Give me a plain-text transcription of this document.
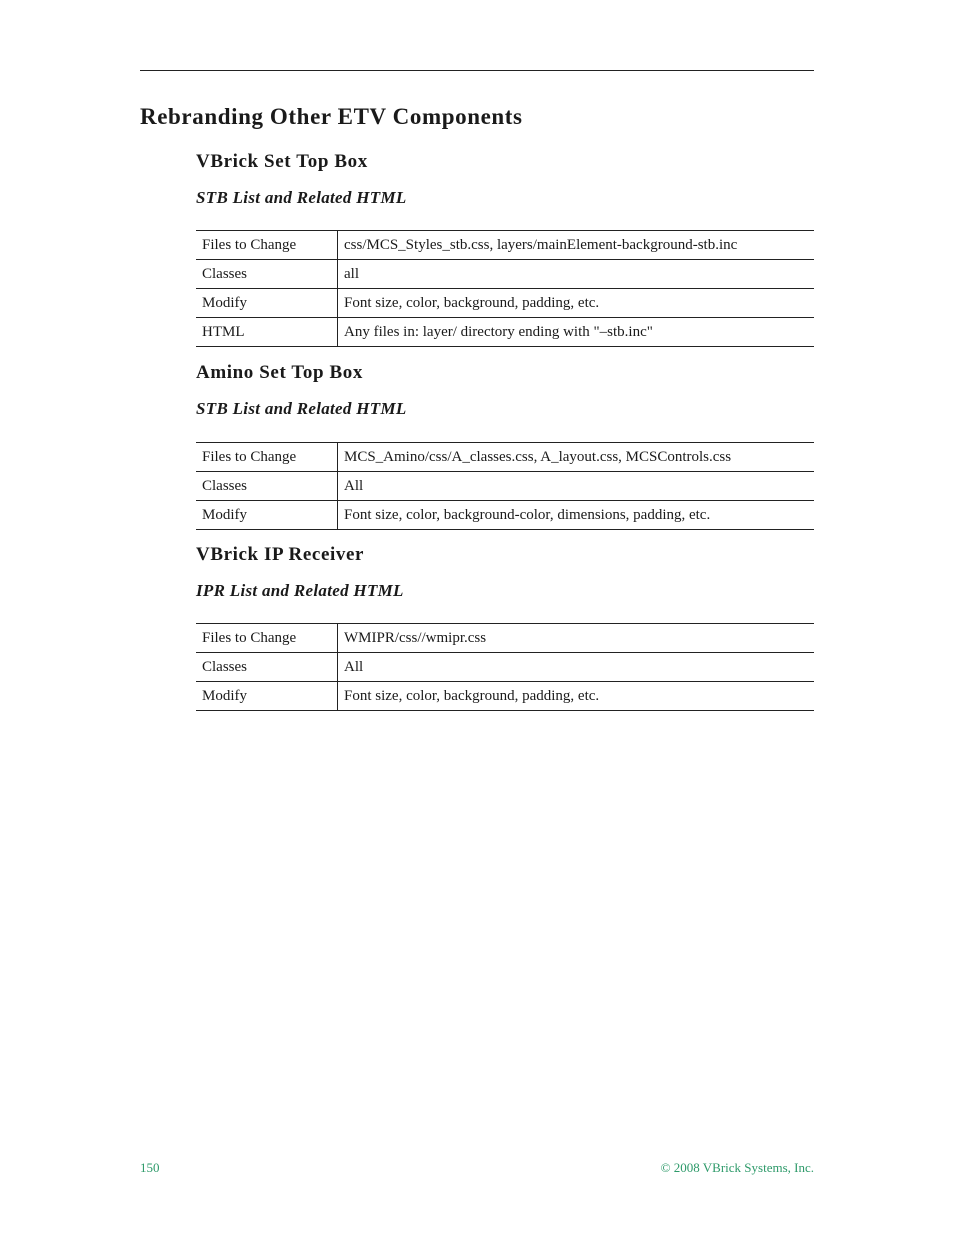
Rebranding Other ETV Components
VBrick Set Top Box
STB List and Related HTML
Files to Change	css/MCS_Styles_stb.css, layers/mainElement-background-stb.inc
Classes	all
Modify	Font size, color, background, padding, etc.
HTML	Any files in: layer/ directory ending with "–stb.inc"
Amino Set Top Box
STB List and Related HTML
Files to Change	MCS_Amino/css/A_classes.css, A_layout.css, MCSControls.css
Classes	All
Modify	Font size, color, background-color, dimensions, padding, etc.
VBrick IP Receiver
IPR List and Related HTML
Files to Change	WMIPR/css//wmipr.css
Classes	All
Modify	Font size, color, background, padding, etc.
150	© 2008 VBrick Systems, Inc.
